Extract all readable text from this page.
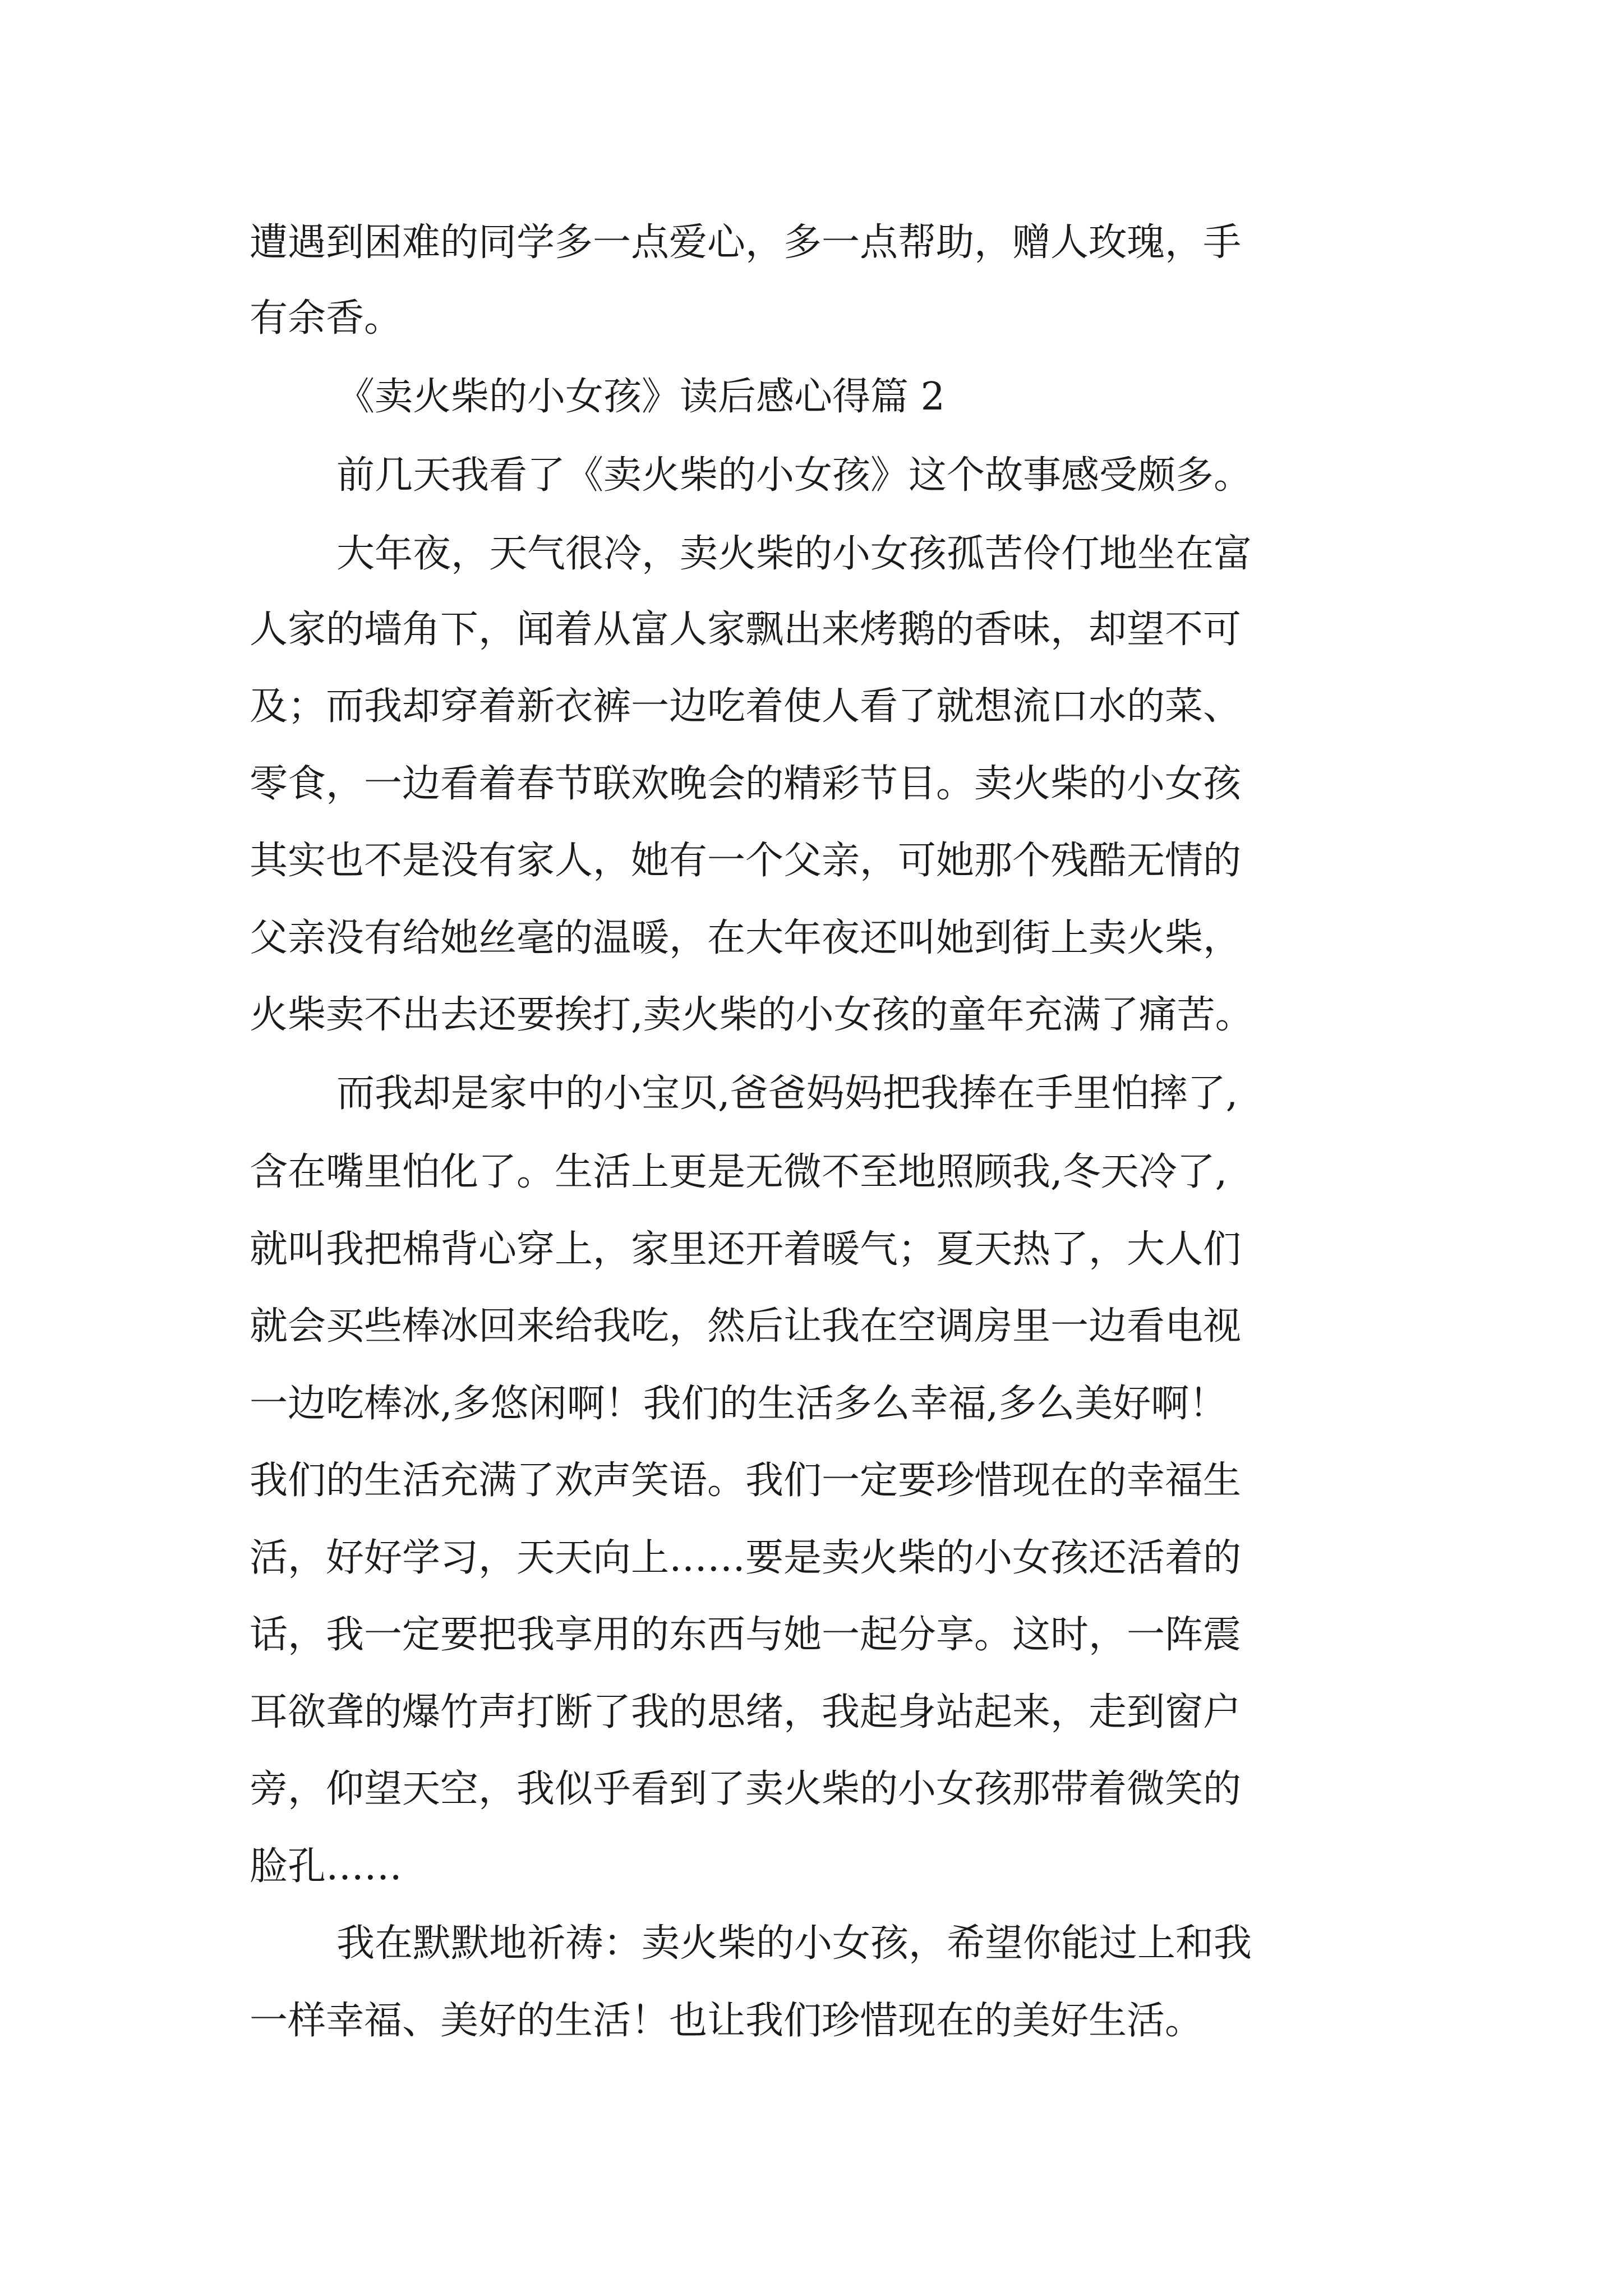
遭遇到困难的同学多一点爱心，多一点帮助，赠人玫瑰，手

有余香。

《卖火柴的小女孩》读后感心得篇 2

前几天我看了《卖火柴的小女孩》这个故事感受颇多。

大年夜，天气很冷，卖火柴的小女孩孤苦伶仃地坐在富

人家的墙角下，闻着从富人家飘出来烤鹅的香味，却望不可

及；而我却穿着新衣裤一边吃着使人看了就想流口水的菜、

零食，一边看着春节联欢晚会的精彩节目。卖火柴的小女孩

其实也不是没有家人，她有一个父亲，可她那个残酷无情的

父亲没有给她丝毫的温暖，在大年夜还叫她到街上卖火柴，

火柴卖不出去还要挨打,卖火柴的小女孩的童年充满了痛苦。

而我却是家中的小宝贝,爸爸妈妈把我捧在手里怕摔了,

含在嘴里怕化了。生活上更是无微不至地照顾我,冬天冷了,

就叫我把棉背心穿上，家里还开着暖气；夏天热了，大人们

就会买些棒冰回来给我吃，然后让我在空调房里一边看电视

一边吃棒冰,多悠闲啊！我们的生活多么幸福,多么美好啊！

我们的生活充满了欢声笑语。我们一定要珍惜现在的幸福生

活，好好学习，天天向上……要是卖火柴的小女孩还活着的

话，我一定要把我享用的东西与她一起分享。这时，一阵震

耳欲聋的爆竹声打断了我的思绪，我起身站起来，走到窗户

旁，仰望天空，我似乎看到了卖火柴的小女孩那带着微笑的

脸孔……

我在默默地祈祷：卖火柴的小女孩，希望你能过上和我

一样幸福、美好的生活！也让我们珍惜现在的美好生活。
